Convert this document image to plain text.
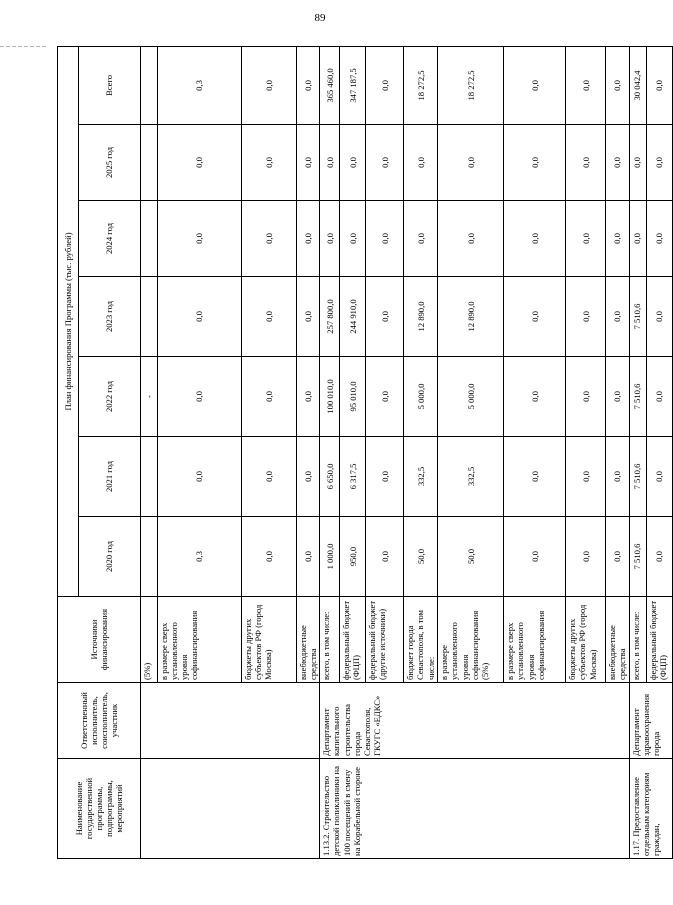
89
– – – – – – – –
Наименование государственной программы, подпрограммы, мероприятий	Ответственный исполнитель, соисполнитель, участник	Источники финансирования	План финансирования Программы (тыс. рублей)						
			2020 год	2021 год	2022 год	2023 год	2024 год	2025 год	Всего
		(5%)			-				
		в размере сверх установленного уровня софинансирования	0,3	0,0	0,0	0,0	0,0	0,0	0,3
		бюджеты других субъектов РФ (город Москва)	0,0	0,0	0,0	0,0	0,0	0,0	0,0
		внебюджетные средства	0,0	0,0	0,0	0,0	0,0	0,0	0,0
1.13.2. Строительство детской поликлиники на 100 посещений в смену на Корабельной стороне	Департамент капитального строительства города Севастополя, ГКУГС «ЕДКС»	всего, в том числе:	1 000,0	6 650,0	100 010,0	257 800,0	0,0	0,0	365 460,0
		федеральный бюджет (ФЦП)	950,0	6 317,5	95 010,0	244 910,0	0,0	0,0	347 187,5
		федеральный бюджет (другие источники)	0,0	0,0	0,0	0,0	0,0	0,0	0,0
		бюджет города Севастополя, в том числе:	50,0	332,5	5 000,0	12 890,0	0,0	0,0	18 272,5
		в размере установленного уровня софинансирования (5%)	50,0	332,5	5 000,0	12 890,0	0,0	0,0	18 272,5
		в размере сверх установленного уровня софинансирования	0,0	0,0	0,0	0,0	0,0	0,0	0,0
		бюджеты других субъектов РФ (город Москва)	0,0	0,0	0,0	0,0	0,0	0,0	0,0
		внебюджетные средства	0,0	0,0	0,0	0,0	0,0	0,0	0,0
1.17. Предоставление отдельным категориям граждан,	Департамент здравоохранения города	всего, в том числе:	7 510,6	7 510,6	7 510,6	7 510,6	0,0	0,0	30 042,4
		федеральный бюджет (ФЦП)	0,0	0,0	0,0	0,0	0,0	0,0	0,0
